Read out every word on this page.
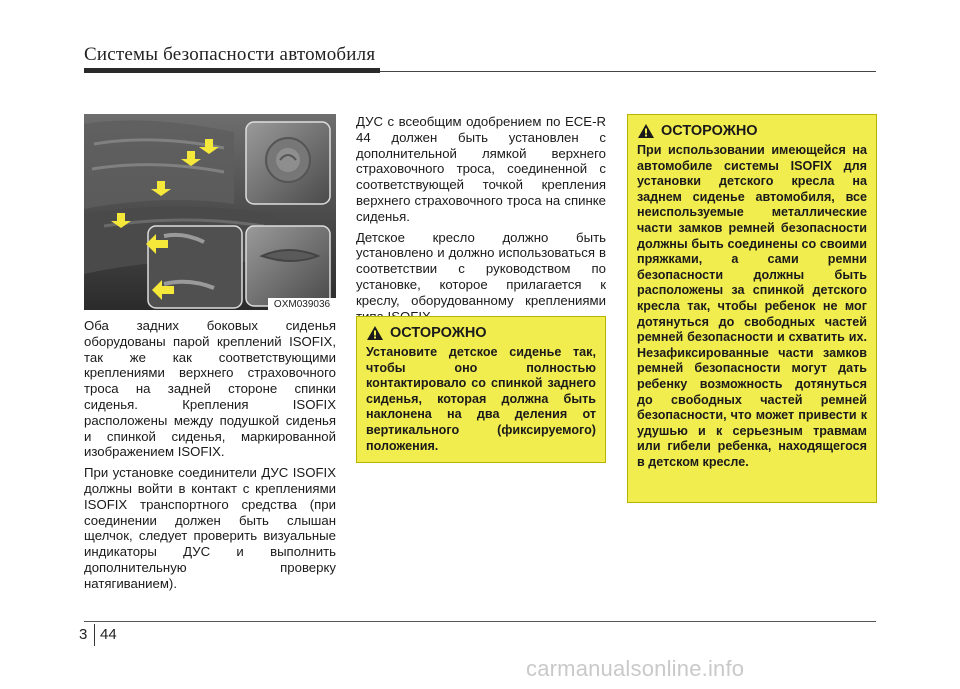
Системы безопасности автомобиля
OXM039036

Оба задних боковых сиденья оборудованы парой креплений ISOFIX, так же как соответствующими креплениями верхнего страховочного троса на задней стороне спинки сиденья. Крепления ISOFIX расположены между подушкой сиденья и спинкой сиденья, маркированной изображением ISOFIX.

При установке соединители ДУС ISOFIX должны войти в контакт с креплениями ISOFIX транспортного средства (при соединении должен быть слышан щелчок, следует проверить визуальные индикаторы ДУС и выполнить дополнительную проверку натягиванием).

ДУС с всеобщим одобрением по ECE-R 44 должен быть установлен с дополнительной лямкой верхнего страховочного троса, соединенной с соответствующей точкой крепления верхнего страховочного троса на спинке сиденья.

Детское кресло должно быть установлено и должно использоваться в соответствии с руководством по установке, которое прилагается к креслу, оборудованному креплениями

ОСТОРОЖНО

Установите детское сиденье так, чтобы оно полностью контактировало со спинкой заднего сиденья, которая должна быть наклонена на два деления от вертикального (фиксируемого) положения.

ОСТОРОЖНО

При использовании имеющейся на автомобиле системы ISOFIX для установки детского кресла на заднем сиденье автомобиля, все неиспользуемые металлические части замков ремней безопасности должны быть соединены со своими пряжками, а сами ремни безопасности должны быть расположены за спинкой детского кресла так, чтобы ребенок не мог дотянуться до свободных частей ремней безопасности и схватить их. Незафиксированные части замков ремней безопасности могут дать ребенку возможность дотянуться до свободных частей ремней безопасности, что может привести к удушью и к серьезным травмам или гибели ребенка, находящегося в детском кресле.

3 44
carmanualsonline.info
